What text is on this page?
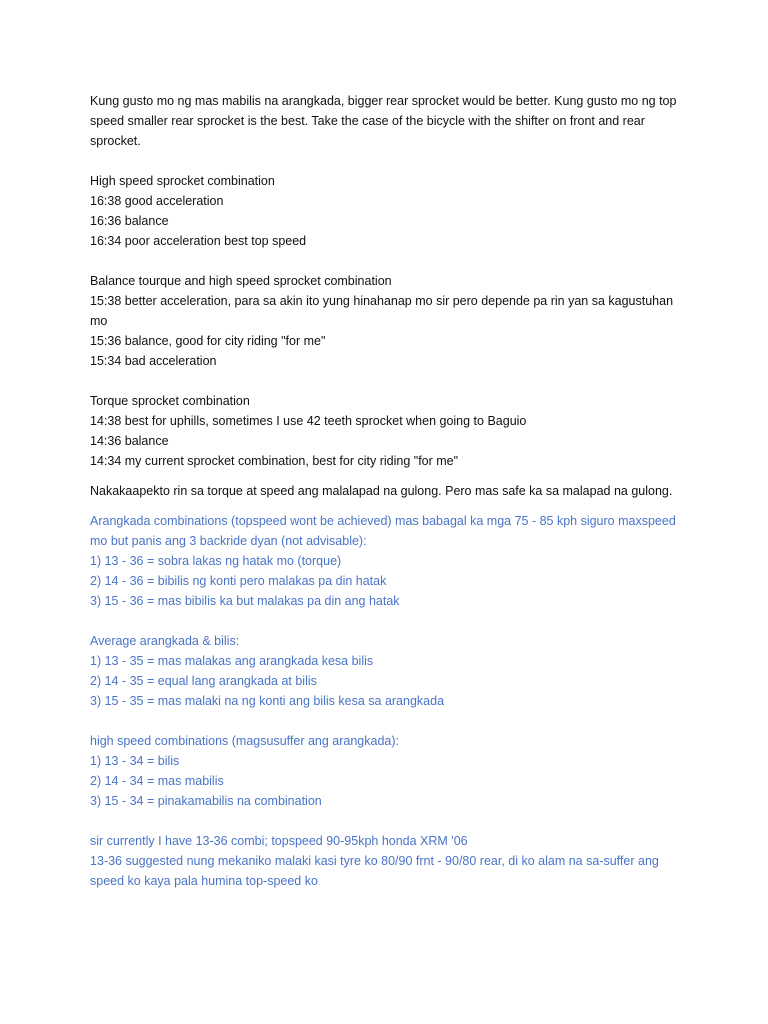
Kung gusto mo ng mas mabilis na arangkada, bigger rear sprocket would be better. Kung gusto mo ng top speed smaller rear sprocket is the best. Take the case of the bicycle with the shifter on front and rear sprocket.

High speed sprocket combination
16:38 good acceleration
16:36 balance
16:34 poor acceleration best top speed
Balance tourque and high speed sprocket combination
15:38 better acceleration, para sa akin ito yung hinahanap mo sir pero depende pa rin yan sa kagustuhan mo
15:36 balance, good for city riding "for me"
15:34 bad acceleration
Torque sprocket combination
14:38 best for uphills, sometimes I use 42 teeth sprocket when going to Baguio
14:36 balance
14:34 my current sprocket combination, best for city riding "for me"

Nakakaapekto rin sa torque at speed ang malalapad na gulong. Pero mas safe ka sa malapad na gulong.

Arangkada combinations (topspeed wont be achieved) mas babagal ka mga 75 - 85 kph siguro maxspeed mo but panis ang 3 backride dyan (not advisable):
1) 13 - 36 = sobra lakas ng hatak mo (torque)
2) 14 - 36 = bibilis ng konti pero malakas pa din hatak
3) 15 - 36 = mas bibilis ka but malakas pa din ang hatak
Average arangkada & bilis:
1) 13 - 35 = mas malakas ang arangkada kesa bilis
2) 14 - 35 = equal lang arangkada at bilis
3) 15 - 35 = mas malaki na ng konti ang bilis kesa sa arangkada
high speed combinations (magsusuffer ang arangkada):
1) 13 - 34 = bilis
2) 14 - 34 = mas mabilis
3) 15 - 34 = pinakamabilis na combination
sir currently I have 13-36 combi; topspeed 90-95kph honda XRM '06
13-36 suggested nung mekaniko malaki kasi tyre ko 80/90 frnt - 90/80 rear, di ko alam na sa-suffer ang speed ko kaya pala humina top-speed ko
